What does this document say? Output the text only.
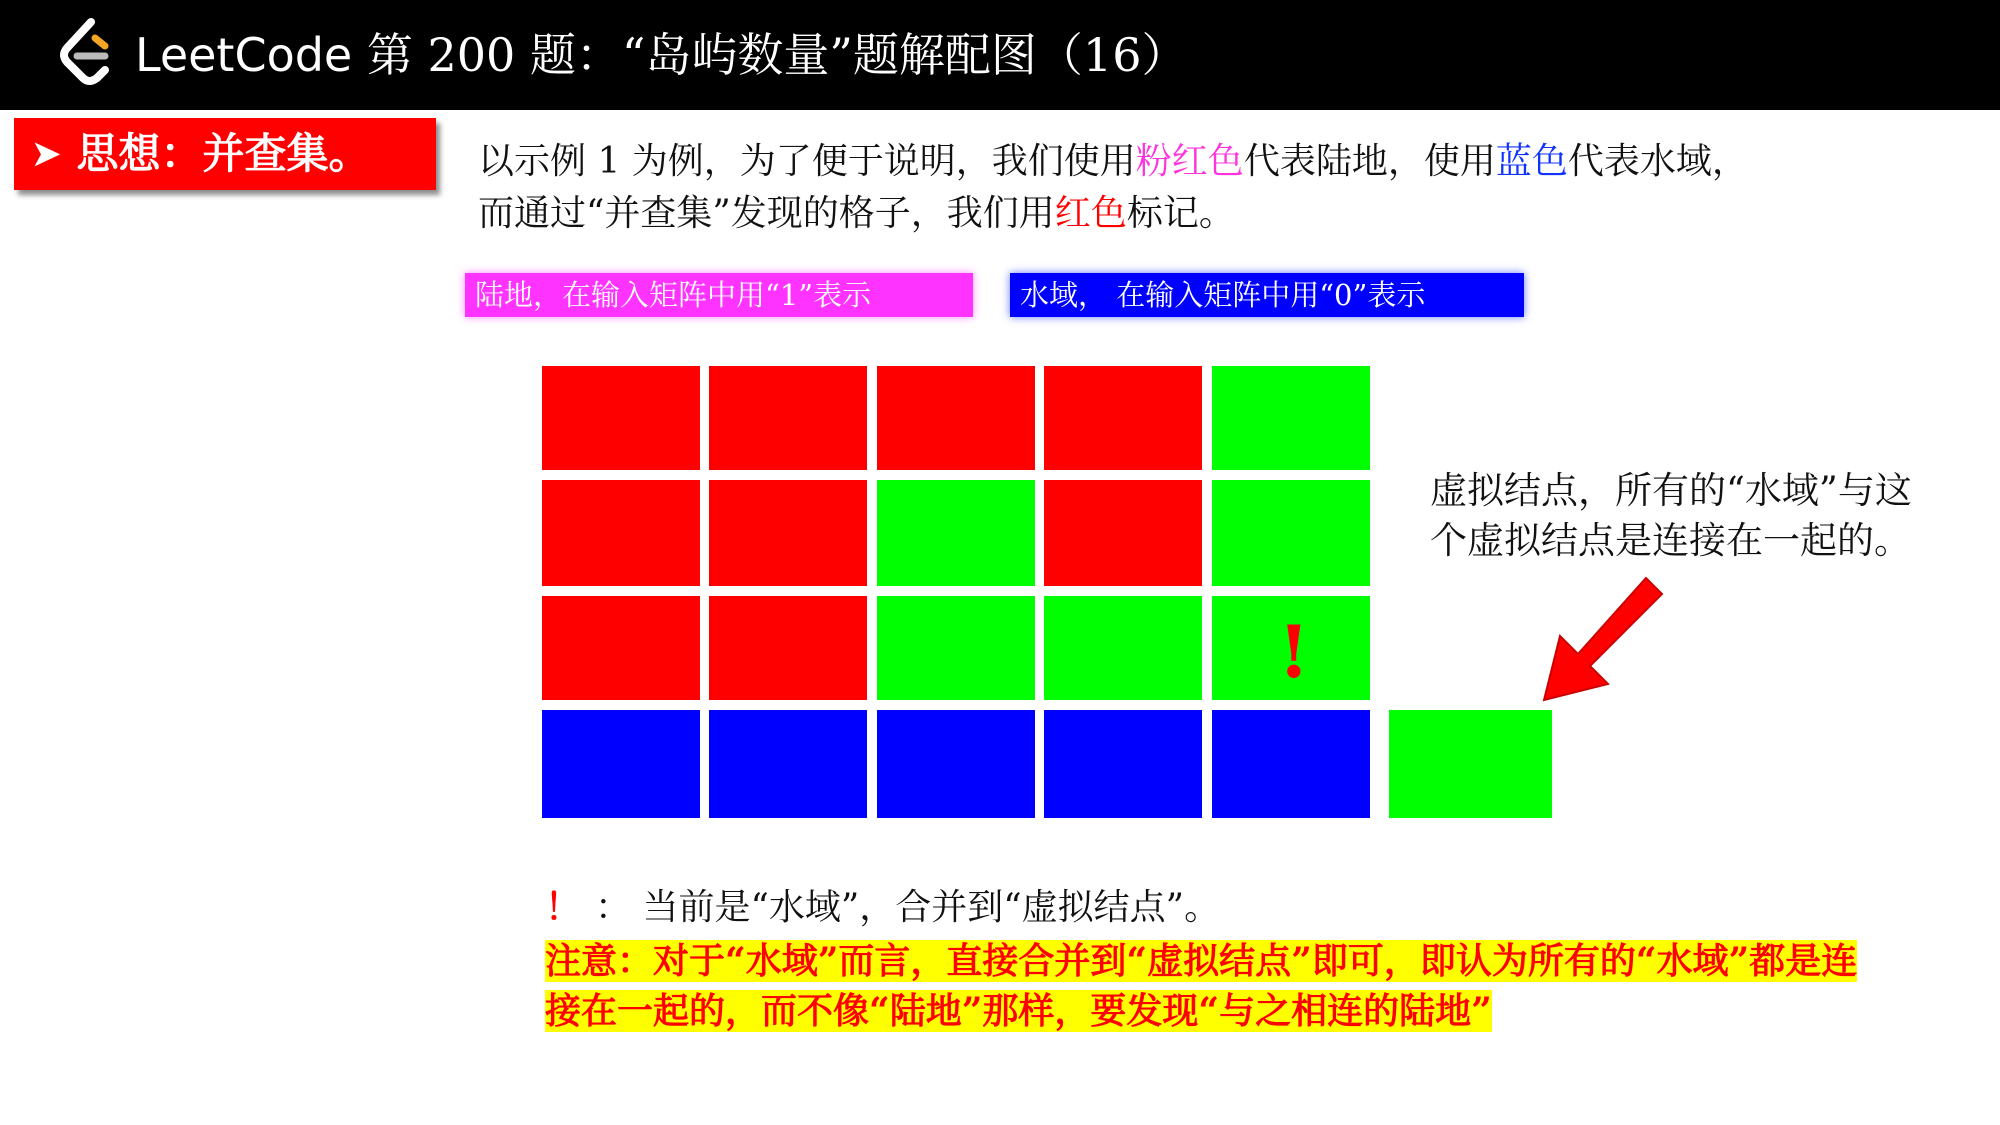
LeetCode 第 200 题：“岛屿数量”题解配图（16）
➤ 思想：并查集。	以示例 1 为例，为了便于说明，我们使用粉红色代表陆地，使用蓝色代表水域，
而通过“并查集”发现的格子，我们用红色标记。
陆地，在输入矩阵中用“1”表示	水域， 在输入矩阵中用“0”表示
!
虚拟结点，所有的“水域”与这个虚拟结点是连接在一起的。
！ ： 当前是“水域”，合并到“虚拟结点”。
注意：对于“水域”而言，直接合并到“虚拟结点”即可，即认为所有的“水域”都是连接在一起的，而不像“陆地”那样，要发现“与之相连的陆地”
